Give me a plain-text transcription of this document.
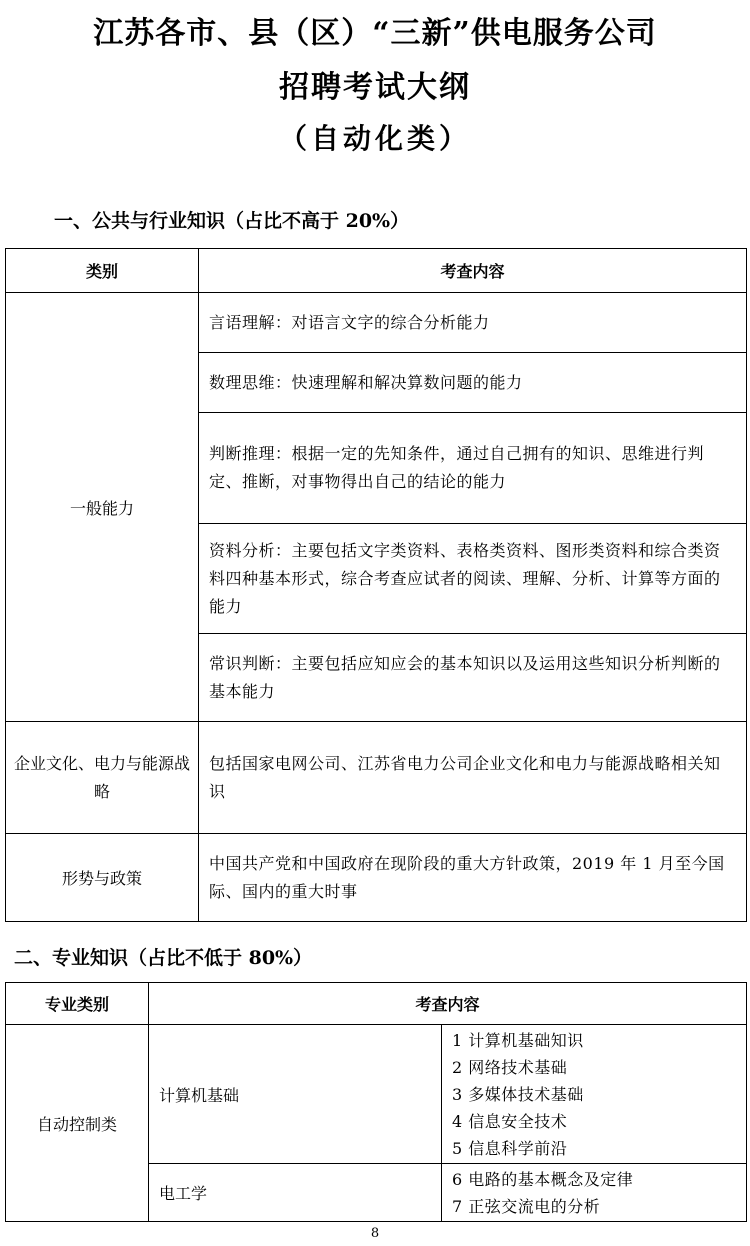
江苏各市、县（区）“三新”供电服务公司
招聘考试大纲
（自动化类）
一、公共与行业知识（占比不高于 20%）
类别	考查内容
一般能力	言语理解：对语言文字的综合分析能力
	数理思维：快速理解和解决算数问题的能力
	判断推理：根据一定的先知条件，通过自己拥有的知识、思维进行判定、推断，对事物得出自己的结论的能力
	资料分析：主要包括文字类资料、表格类资料、图形类资料和综合类资料四种基本形式，综合考查应试者的阅读、理解、分析、计算等方面的能力
	常识判断：主要包括应知应会的基本知识以及运用这些知识分析判断的基本能力
企业文化、电力与能源战略	包括国家电网公司、江苏省电力公司企业文化和电力与能源战略相关知识
形势与政策	中国共产党和中国政府在现阶段的重大方针政策，2019 年 1 月至今国际、国内的重大时事
二、专业知识（占比不低于 80%）
专业类别	考查内容	
自动控制类	计算机基础	1 计算机基础知识
2 网络技术基础
3 多媒体技术基础
4 信息安全技术
5 信息科学前沿

	电工学	6 电路的基本概念及定律
7 正弦交流电的分析
8
